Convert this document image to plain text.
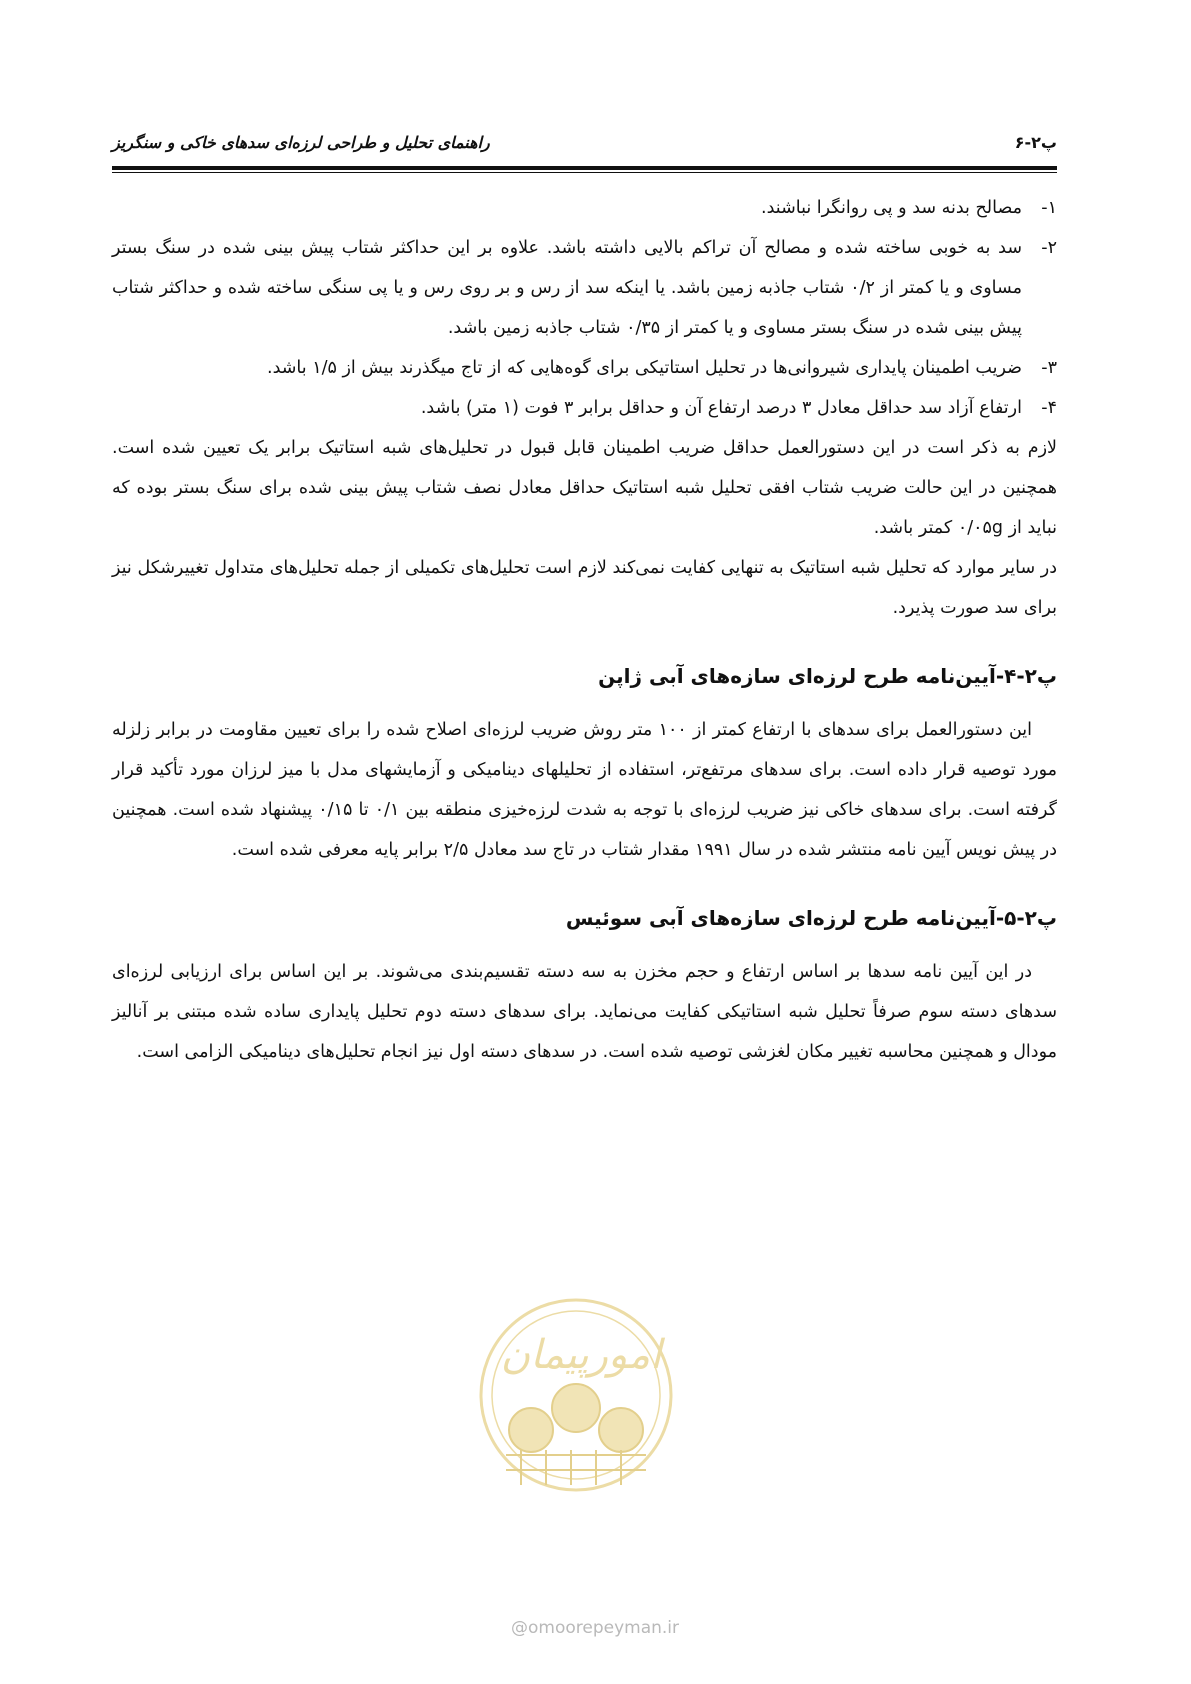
پ۲-۶
راهنمای تحلیل و طراحی لرزه‌ای سدهای خاکی و سنگریز
۱-
مصالح بدنه سد و پی روانگرا نباشند.
۲-
سد به خوبی ساخته شده و مصالح آن تراکم بالایی داشته باشد. علاوه بر این حداکثر شتاب پیش بینی شده در سنگ بستر مساوی و یا کمتر از ۰/۲ شتاب جاذبه زمین باشد. یا اینکه سد از رس و بر روی رس و یا پی سنگی ساخته شده و حداکثر شتاب پیش بینی شده در سنگ بستر مساوی و یا کمتر از ۰/۳۵ شتاب جاذبه زمین باشد.
۳-
ضریب اطمینان پایداری شیروانی‌ها در تحلیل استاتیکی برای گوه‌هایی که از تاج میگذرند بیش از ۱/۵ باشد.
۴-
ارتفاع آزاد سد حداقل معادل ۳ درصد ارتفاع آن و حداقل برابر ۳ فوت (۱ متر) باشد.

لازم به ذکر است در این دستورالعمل حداقل ضریب اطمینان قابل قبول در تحلیل‌های شبه استاتیک برابر یک تعیین شده است. همچنین در این حالت ضریب شتاب افقی تحلیل شبه استاتیک حداقل معادل نصف شتاب پیش بینی شده برای سنگ بستر بوده که نباید از ۰/۰۵g کمتر باشد.

در سایر موارد که تحلیل شبه استاتیک به تنهایی کفایت نمی‌کند لازم است تحلیل‌های تکمیلی از جمله تحلیل‌های متداول تغییرشکل نیز برای سد صورت پذیرد.

پ۲-۴-آیین‌نامه طرح لرزه‌ای سازه‌های آبی ژاپن

این دستورالعمل برای سدهای با ارتفاع کمتر از ۱۰۰ متر روش ضریب لرزه‌ای اصلاح شده را برای تعیین مقاومت در برابر زلزله مورد توصیه قرار داده است. برای سدهای مرتفع‌تر، استفاده از تحلیلهای دینامیکی و آزمایشهای مدل با میز لرزان مورد تأکید قرار گرفته است. برای سدهای خاکی نیز ضریب لرزه‌ای با توجه به شدت لرزه‌خیزی منطقه بین ۰/۱ تا ۰/۱۵ پیشنهاد شده است. همچنین در پیش نویس آیین نامه منتشر شده در سال ۱۹۹۱ مقدار شتاب در تاج سد معادل ۲/۵ برابر پایه معرفی شده است.

پ۲-۵-آیین‌نامه طرح لرزه‌ای سازه‌های آبی سوئیس

در این آیین نامه سدها بر اساس ارتفاع و حجم مخزن به سه دسته تقسیم‌بندی می‌شوند. بر این اساس برای ارزیابی لرزه‌ای سدهای دسته سوم صرفاً تحلیل شبه استاتیکی کفایت می‌نماید. برای سدهای دسته دوم تحلیل پایداری ساده شده مبتنی بر آنالیز مودال و همچنین محاسبه تغییر مکان لغزشی توصیه شده است. در سدهای دسته اول نیز انجام تحلیل‌های دینامیکی الزامی است.

امورپیمان
@omoorepeyman.ir
